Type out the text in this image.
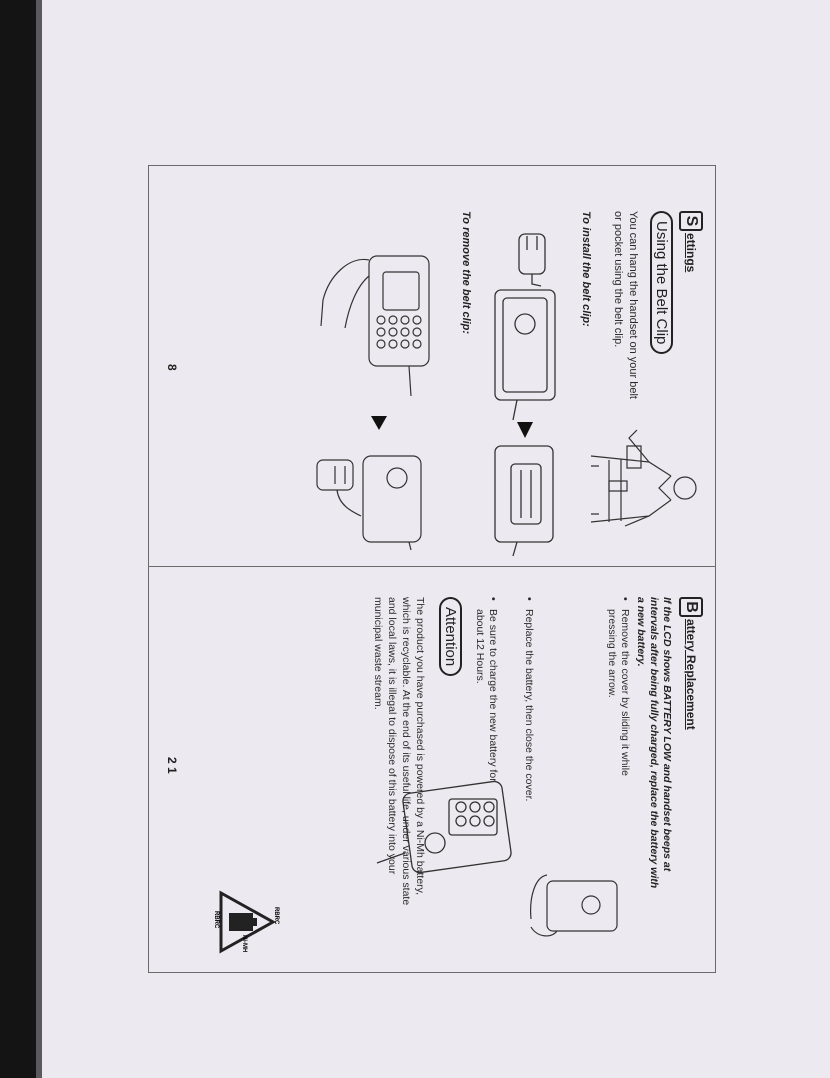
S
ettings
Using the Belt Clip
You can hang the handset on your belt
or pocket using the belt clip.
To install the belt clip:
To remove the belt clip:
8
B
attery Replacement
If the LCD shows BATTERY LOW and handset beeps at
intervals after being fully charged, replace the battery with
a new battery.
•
Remove the cover by sliding it while
pressing the arrow.
•
Replace the battery, then close the cover.
•
Be sure to charge the new battery for
about 12 Hours.
Attention
The product you have purchased is powered by a Ni-Mh battery,
which is recyclable. At the end of its useful life, under various state
and local laws, it is illegal to dispose of this battery into your
municipal waste stream.
RBRC
Ni-MH
RBRC
2 1
